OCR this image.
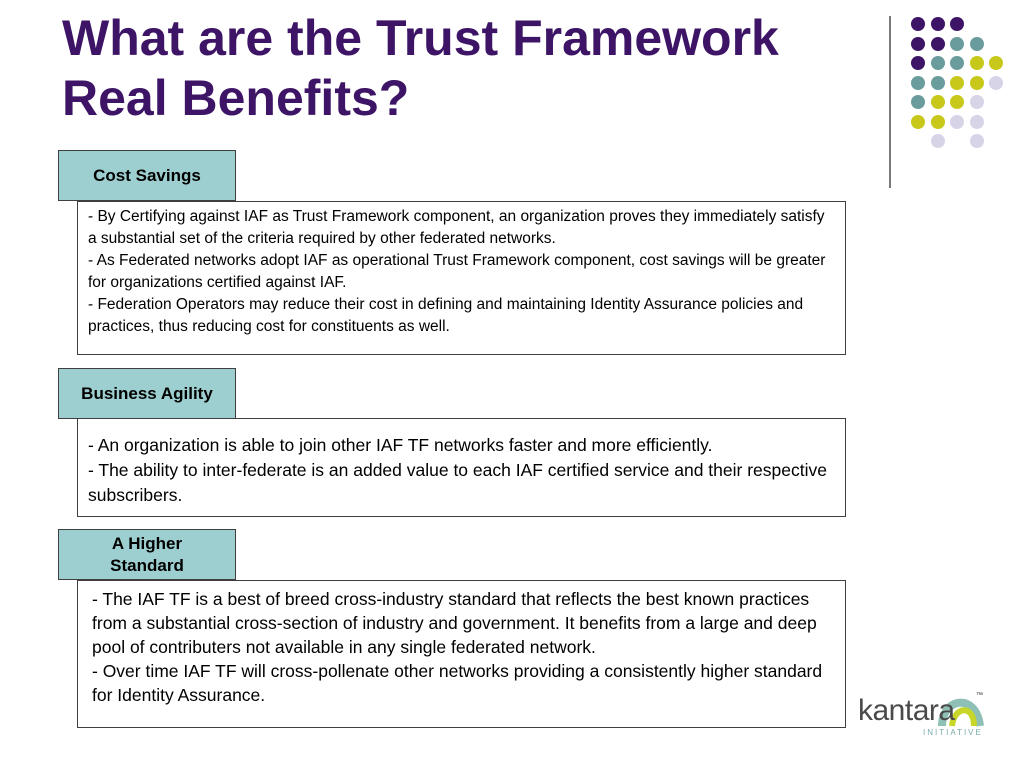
What are the Trust Framework Real Benefits?
Cost Savings
- By Certifying against IAF as Trust Framework component, an organization proves they immediately satisfy a substantial set of the criteria required by other federated networks.
- As Federated networks adopt IAF as operational Trust Framework component, cost savings will be greater for organizations certified against IAF.
- Federation Operators may reduce their cost in defining and maintaining Identity Assurance policies and practices, thus reducing cost for constituents as well.
Business Agility
- An organization is able to join other IAF TF networks faster and more efficiently.
- The ability to inter-federate is an added value to each IAF certified service and their respective subscribers.
A Higher Standard
- The IAF TF is a best of breed cross-industry standard that reflects the best known practices from a substantial cross-section of industry and government. It benefits from a large and deep pool of contributers not available in any single federated network.
- Over time IAF TF will cross-pollenate other networks providing a consistently higher standard for Identity Assurance.	kantara
INITIATIVE
™
